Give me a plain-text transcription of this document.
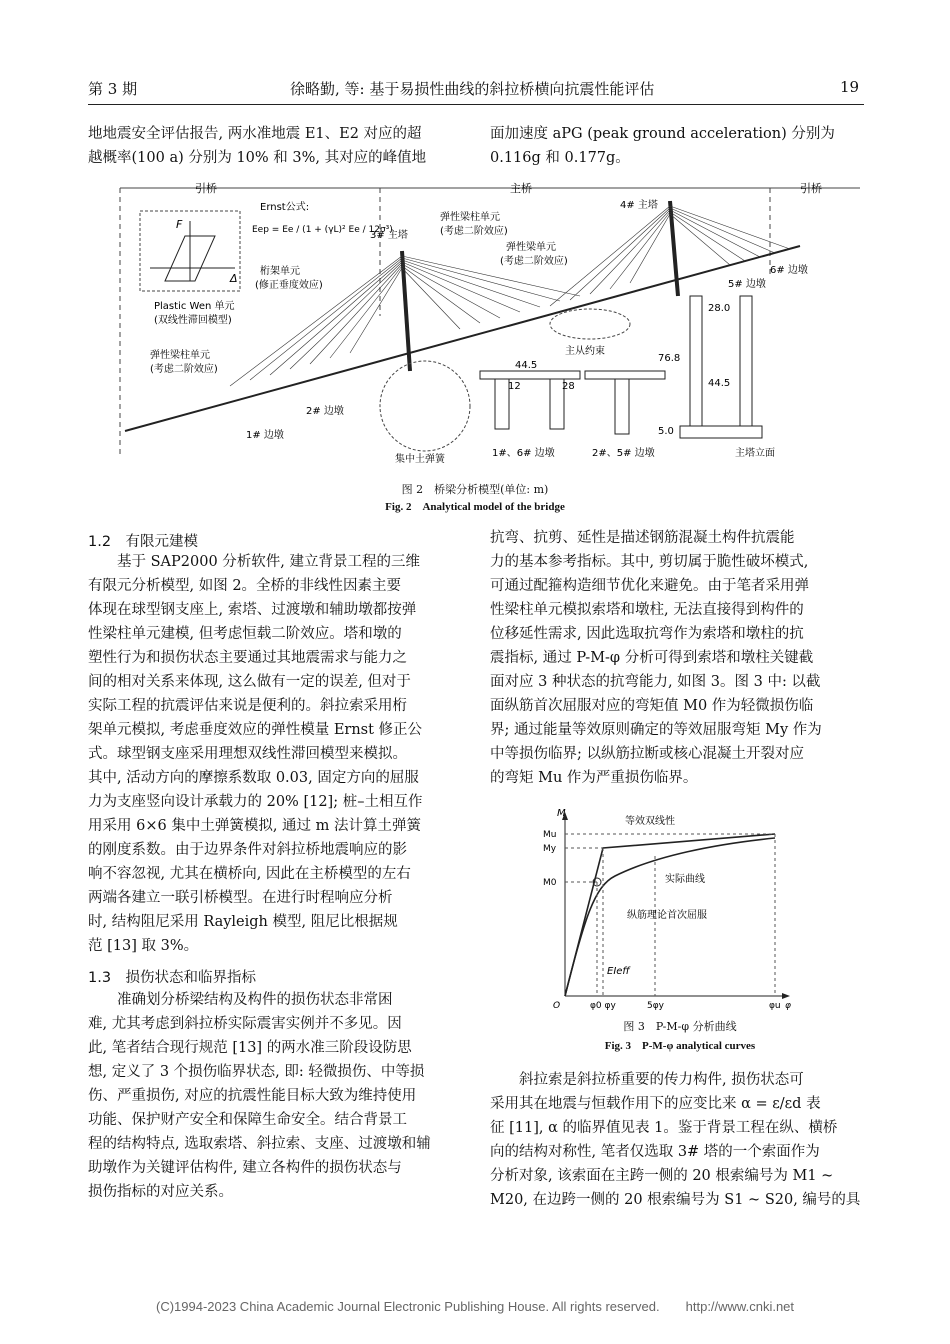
第 3 期	徐略勤, 等: 基于易损性曲线的斜拉桥横向抗震性能评估	19
地地震安全评估报告, 两水准地震 E1、E2 对应的超
越概率(100 a) 分别为 10% 和 3%, 其对应的峰值地
面加速度 aPG (peak ground acceleration) 分别为
0.116g 和 0.177g。
引桥	主桥	引桥
F
Δ
Plastic Wen 单元
(双线性滞回模型)
Ernst公式:
Eep = Ee / (1 + (γL)² Ee / 12σ³)
桁架单元
(修正垂度效应)
3# 主塔
4# 主塔
弹性梁柱单元
(考虑二阶效应)
弹性梁单元
(考虑二阶效应)
弹性梁柱单元
(考虑二阶效应)
6# 边墩
5# 边墩
2# 边墩
1# 边墩
主从约束
集中土弹簧
44.5
12	28
1#、6# 边墩	2#、5# 边墩
28.0
76.8
44.5
5.0
主塔立面
图 2　桥梁分析模型(单位: m)
Fig. 2　Analytical model of the bridge
1.2　有限元建模
　　基于 SAP2000 分析软件, 建立背景工程的三维
有限元分析模型, 如图 2。全桥的非线性因素主要
体现在球型钢支座上, 索塔、过渡墩和辅助墩都按弹
性梁柱单元建模, 但考虑恒载二阶效应。塔和墩的
塑性行为和损伤状态主要通过其地震需求与能力之
间的相对关系来体现, 这么做有一定的误差, 但对于
实际工程的抗震评估来说是便利的。斜拉索采用桁
架单元模拟, 考虑垂度效应的弹性模量 Ernst 修正公
式。球型钢支座采用理想双线性滞回模型来模拟。
其中, 活动方向的摩擦系数取 0.03, 固定方向的屈服
力为支座竖向设计承载力的 20% [12]; 桩–土相互作
用采用 6×6 集中土弹簧模拟, 通过 m 法计算土弹簧
的刚度系数。由于边界条件对斜拉桥地震响应的影
响不容忽视, 尤其在横桥向, 因此在主桥模型的左右
两端各建立一联引桥模型。在进行时程响应分析
时, 结构阻尼采用 Rayleigh 模型, 阻尼比根据规
范 [13] 取 3%。
1.3　损伤状态和临界指标
　　准确划分桥梁结构及构件的损伤状态非常困
难, 尤其考虑到斜拉桥实际震害实例并不多见。因
此, 笔者结合现行规范 [13] 的两水准三阶段设防思
想, 定义了 3 个损伤临界状态, 即: 轻微损伤、中等损
伤、严重损伤, 对应的抗震性能目标大致为维持使用
功能、保护财产安全和保障生命安全。结合背景工
程的结构特点, 选取索塔、斜拉索、支座、过渡墩和辅
助墩作为关键评估构件, 建立各构件的损伤状态与
损伤指标的对应关系。
抗弯、抗剪、延性是描述钢筋混凝土构件抗震能
力的基本参考指标。其中, 剪切属于脆性破坏模式,
可通过配箍构造细节优化来避免。由于笔者采用弹
性梁柱单元模拟索塔和墩柱, 无法直接得到构件的
位移延性需求, 因此选取抗弯作为索塔和墩柱的抗
震指标, 通过 P-M-φ 分析可得到索塔和墩柱关键截
面对应 3 种状态的抗弯能力, 如图 3。图 3 中: 以截
面纵筋首次屈服对应的弯矩值 M0 作为轻微损伤临
界; 通过能量等效原则确定的等效屈服弯矩 My 作为
中等损伤临界; 以纵筋拉断或核心混凝土开裂对应
的弯矩 Mu 作为严重损伤临界。
M
Mu
My
M0
O	φ0 φy	5φy	φu φ
等效双线性
实际曲线
纵筋理论首次屈服
EIeff
图 3　P-M-φ 分析曲线
Fig. 3　P-M-φ analytical curves
　　斜拉索是斜拉桥重要的传力构件, 损伤状态可
采用其在地震与恒载作用下的应变比来 α = ε/εd 表
征 [11], α 的临界值见表 1。鉴于背景工程在纵、横桥
向的结构对称性, 笔者仅选取 3# 塔的一个索面作为
分析对象, 该索面在主跨一侧的 20 根索编号为 M1 ~
M20, 在边跨一侧的 20 根索编号为 S1 ~ S20, 编号的具
(C)1994-2023 China Academic Journal Electronic Publishing House. All rights reserved.　　http://www.cnki.net
